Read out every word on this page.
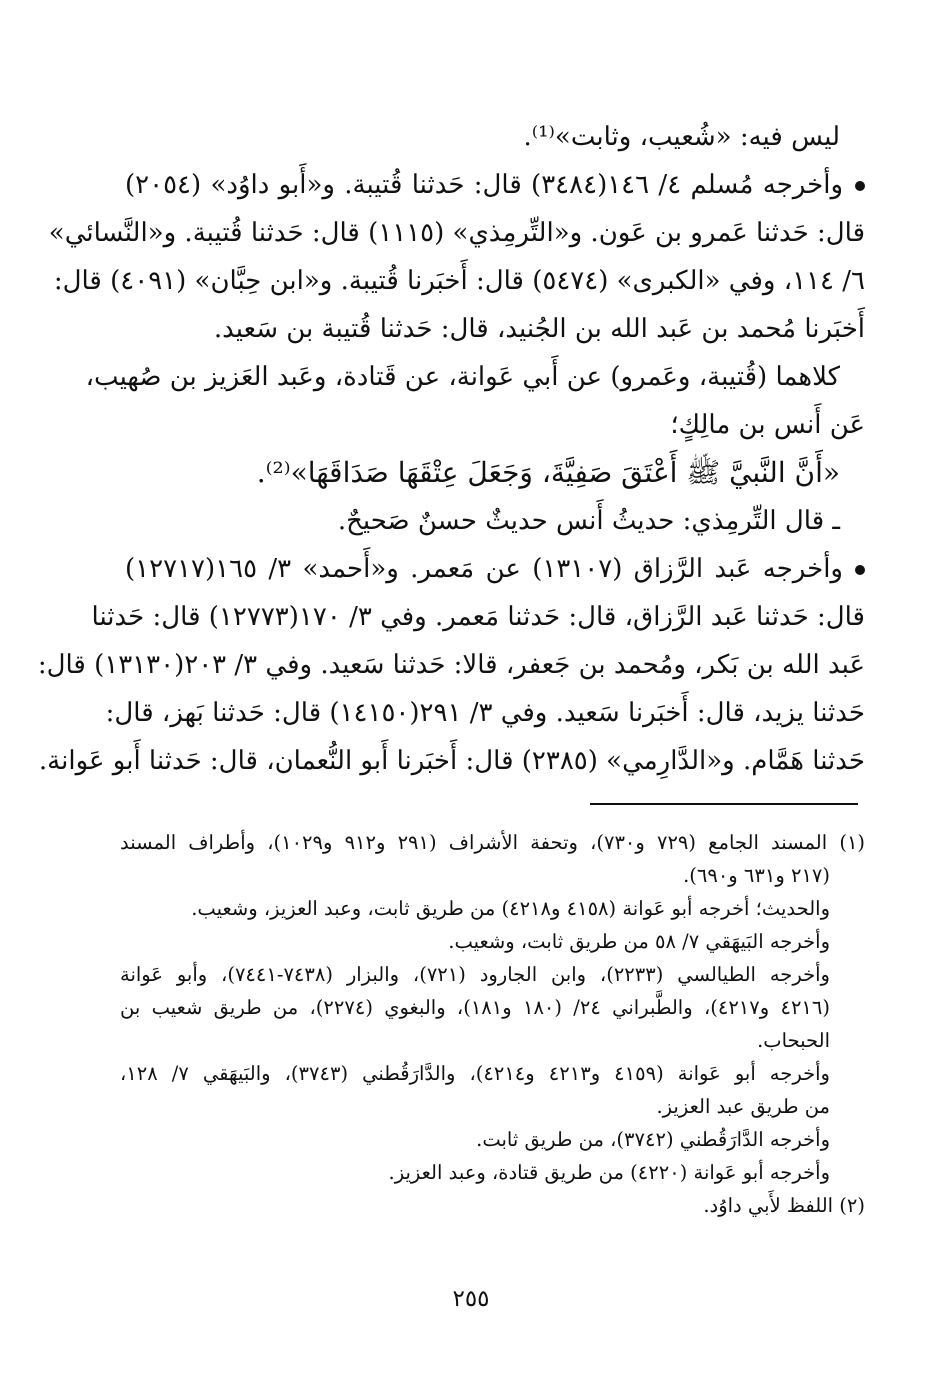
ليس فيه: «شُعيب، وثابت»⁽¹⁾.
وأخرجه مُسلم ٤/ ١٤٦(٣٤٨٤) قال: حَدثنا قُتيبة. و«أَبو داوُد» (٢٠٥٤)
قال: حَدثنا عَمرو بن عَون. و«التِّرمِذي» (١١١٥) قال: حَدثنا قُتيبة. و«النَّسائي»
٦/ ١١٤، وفي «الكبرى» (٥٤٧٤) قال: أَخبَرنا قُتيبة. و«ابن حِبَّان» (٤٠٩١) قال:
أَخبَرنا مُحمد بن عَبد الله بن الجُنيد، قال: حَدثنا قُتيبة بن سَعيد.
كلاهما (قُتيبة، وعَمرو) عن أَبي عَوانة، عن قَتادة، وعَبد العَزيز بن صُهيب،
عَن أَنس بن مالِكٍ؛
«أَنَّ النَّبيَّ ﷺ أَعْتَقَ صَفِيَّةَ، وَجَعَلَ عِتْقَهَا صَدَاقَهَا»⁽²⁾.
ـ قال التِّرمِذي: حديثُ أَنس حديثٌ حسنٌ صَحيحٌ.
وأخرجه عَبد الرَّزاق (١٣١٠٧) عن مَعمر. و«أَحمد» ٣/ ١٦٥(١٢٧١٧)
قال: حَدثنا عَبد الرَّزاق، قال: حَدثنا مَعمر. وفي ٣/ ١٧٠(١٢٧٧٣) قال: حَدثنا
عَبد الله بن بَكر، ومُحمد بن جَعفر، قالا: حَدثنا سَعيد. وفي ٣/ ٢٠٣(١٣١٣٠) قال:
حَدثنا يزيد، قال: أَخبَرنا سَعيد. وفي ٣/ ٢٩١(١٤١٥٠) قال: حَدثنا بَهز، قال:
حَدثنا هَمَّام. و«الدَّارِمي» (٢٣٨٥) قال: أَخبَرنا أَبو النُّعمان، قال: حَدثنا أَبو عَوانة.
(١) المسند الجامع (٧٢٩ و٧٣٠)، وتحفة الأشراف (٢٩١ و٩١٢ و١٠٢٩)، وأطراف المسند
(٢١٧ و٦٣١ و٦٩٠).
والحديث؛ أخرجه أبو عَوانة (٤١٥٨ و٤٢١٨) من طريق ثابت، وعبد العزيز، وشعيب.
وأخرجه البَيهَقي ٧/ ٥٨ من طريق ثابت، وشعيب.
وأخرجه الطيالسي (٢٢٣٣)، وابن الجارود (٧٢١)، والبزار (٧٤٣٨-٧٤٤١)، وأبو عَوانة
(٤٢١٦ و٤٢١٧)، والطَّبراني ٢٤/ (١٨٠ و١٨١)، والبغوي (٢٢٧٤)، من طريق شعيب بن
الحبحاب.
وأخرجه أبو عَوانة (٤١٥٩ و٤٢١٣ و٤٢١٤)، والدَّارَقُطني (٣٧٤٣)، والبَيهَقي ٧/ ١٢٨،
من طريق عبد العزيز.
وأخرجه الدَّارَقُطني (٣٧٤٢)، من طريق ثابت.
وأخرجه أبو عَوانة (٤٢٢٠) من طريق قتادة، وعبد العزيز.
(٢) اللفظ لأَبي داوُد.
٢٥٥
